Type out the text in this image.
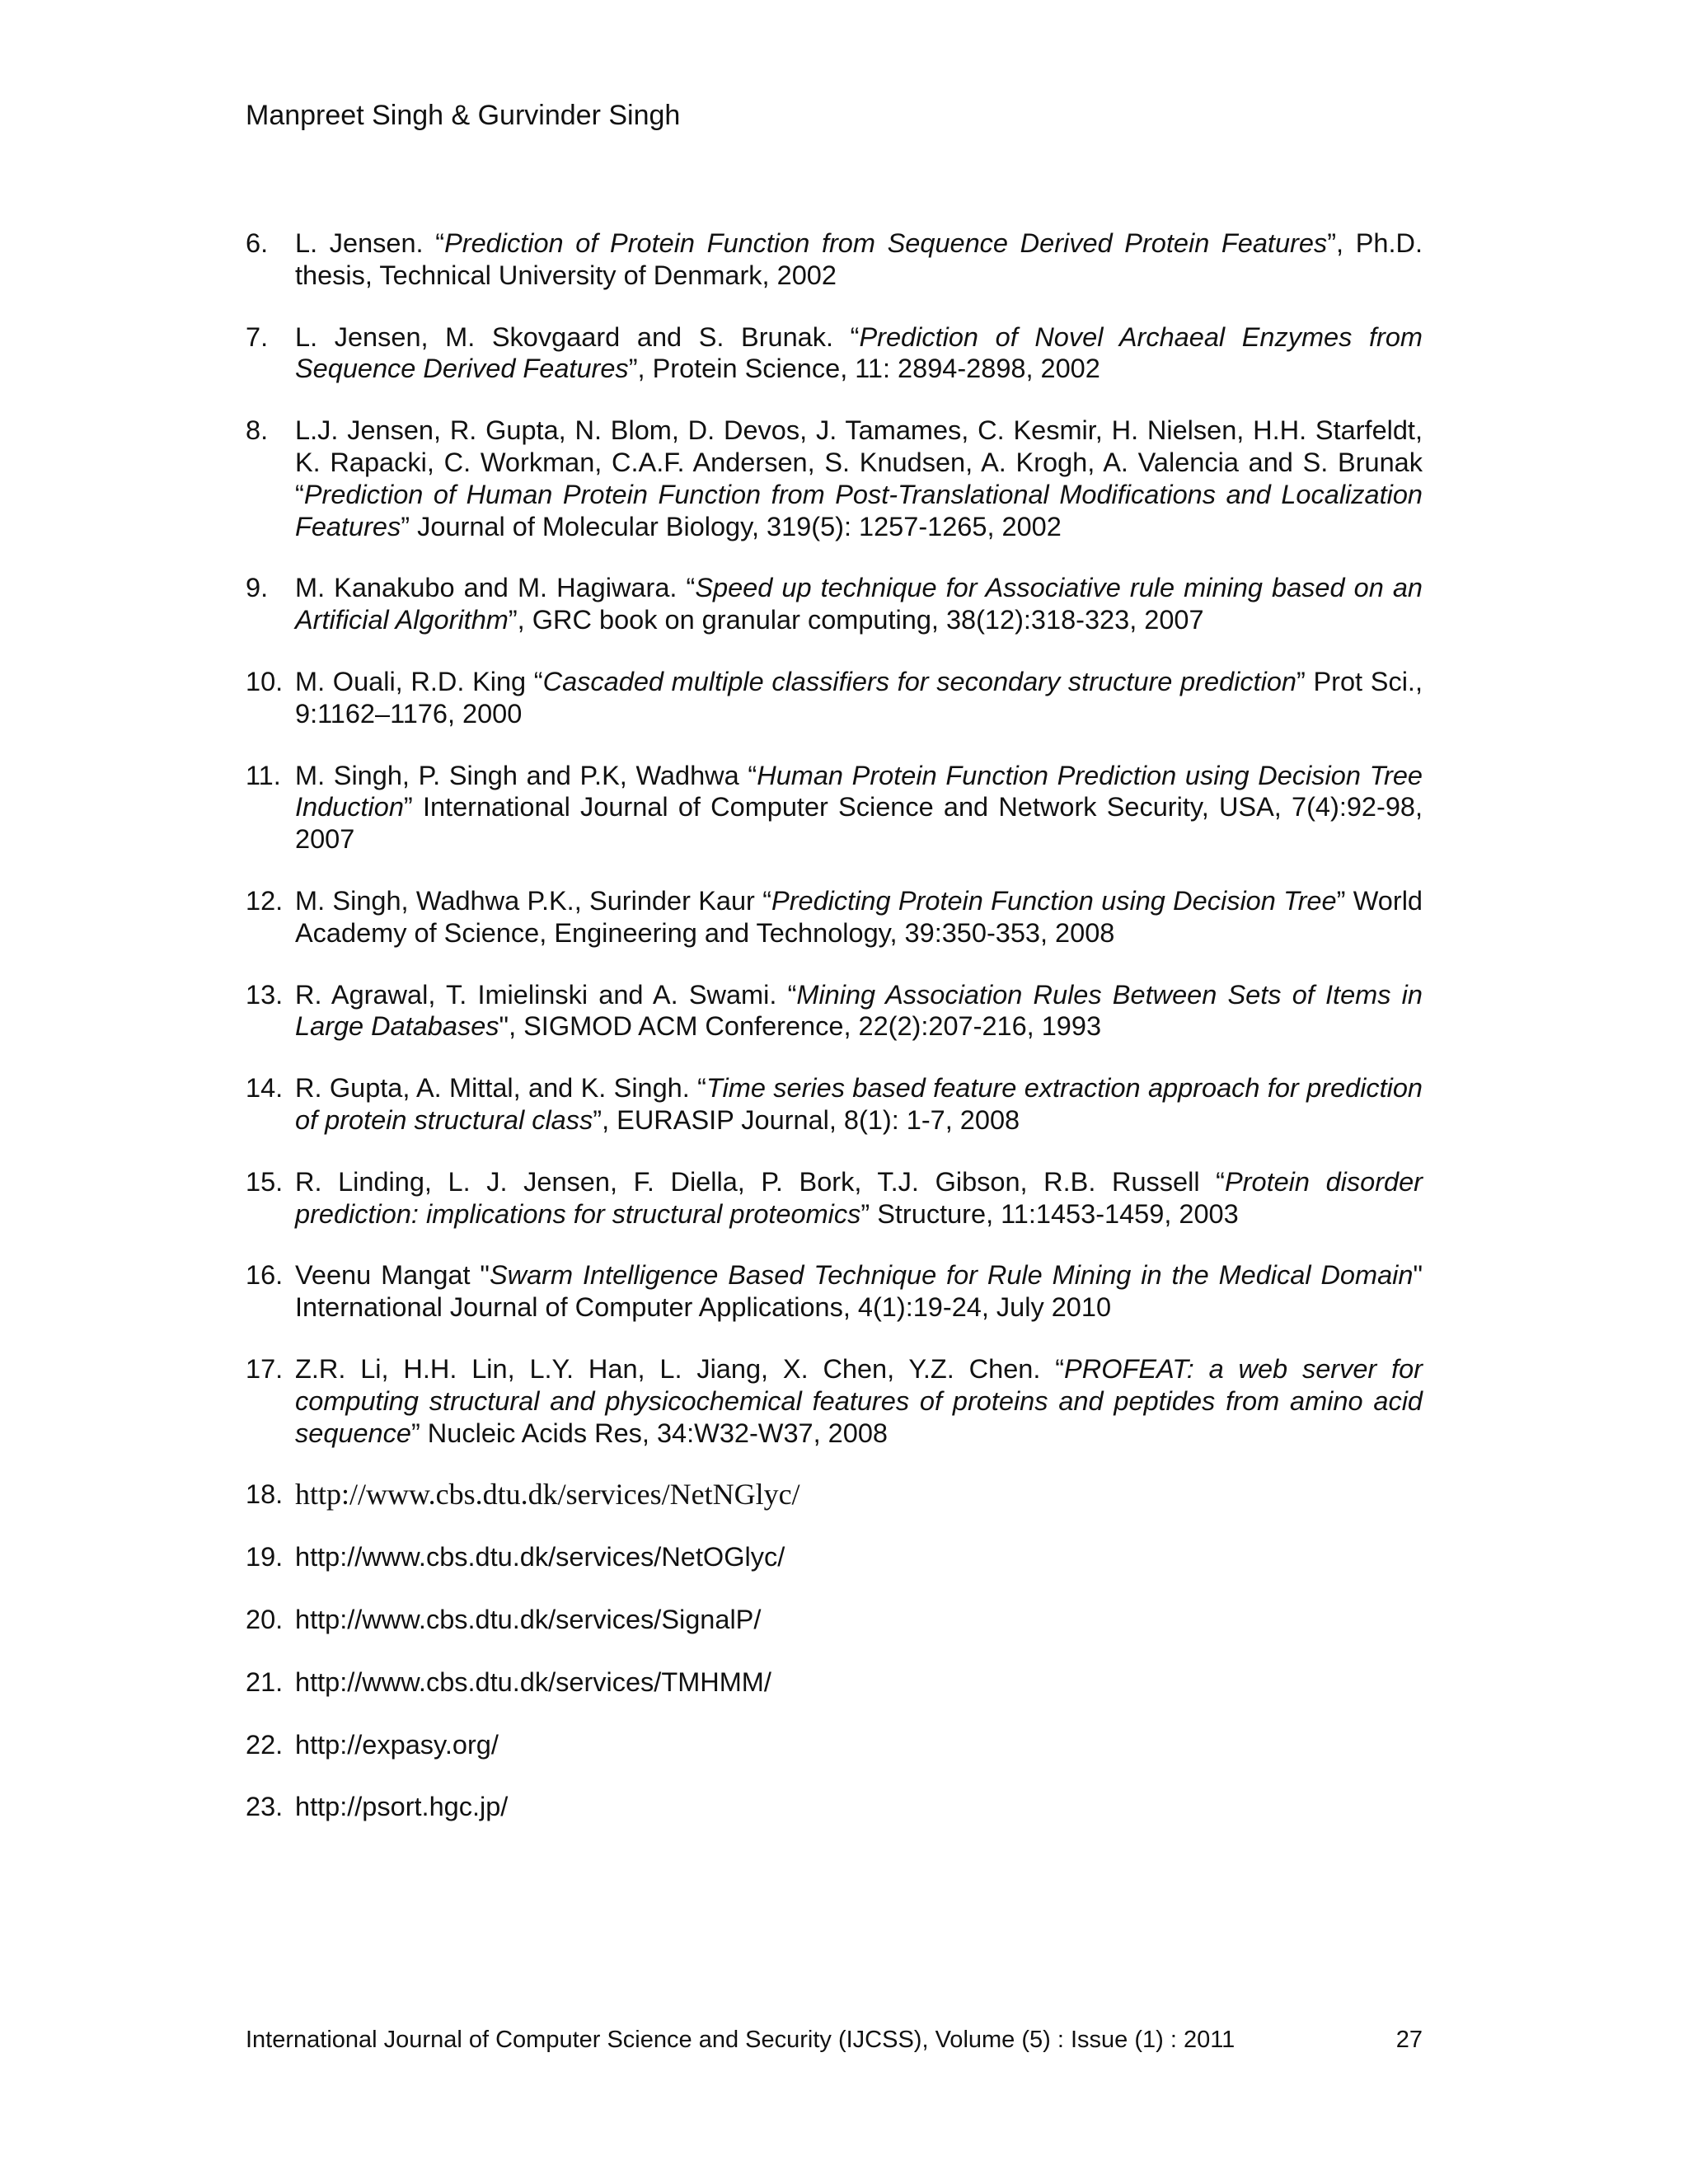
Manpreet Singh & Gurvinder Singh
6.	L. Jensen. “Prediction of Protein Function from Sequence Derived Protein Features”, Ph.D. thesis, Technical University of Denmark, 2002
7.	L. Jensen, M. Skovgaard and S. Brunak. “Prediction of Novel Archaeal Enzymes from Sequence Derived Features”, Protein Science, 11: 2894-2898, 2002
8.	L.J. Jensen, R. Gupta, N. Blom, D. Devos, J. Tamames, C. Kesmir, H. Nielsen, H.H. Starfeldt, K. Rapacki, C. Workman, C.A.F. Andersen, S. Knudsen, A. Krogh, A. Valencia and S. Brunak “Prediction of Human Protein Function from Post-Translational Modifications and Localization Features” Journal of Molecular Biology, 319(5): 1257-1265, 2002
9.	M. Kanakubo and M. Hagiwara. “Speed up technique for Associative rule mining based on an Artificial Algorithm”, GRC book on granular computing, 38(12):318-323, 2007
10. M. Ouali, R.D. King “Cascaded multiple classifiers for secondary structure prediction” Prot Sci., 9:1162–1176, 2000
11. M. Singh, P. Singh and P.K, Wadhwa “Human Protein Function Prediction using Decision Tree Induction” International Journal of Computer Science and Network Security, USA, 7(4):92-98, 2007
12. M. Singh, Wadhwa P.K., Surinder Kaur “Predicting Protein Function using Decision Tree” World Academy of Science, Engineering and Technology, 39:350-353, 2008
13. R. Agrawal, T. Imielinski and A. Swami. “Mining Association Rules Between Sets of Items in Large Databases", SIGMOD ACM Conference, 22(2):207-216, 1993
14. R. Gupta, A. Mittal, and K. Singh. “Time series based feature extraction approach for prediction of protein structural class”, EURASIP Journal, 8(1): 1-7, 2008
15. R. Linding, L. J. Jensen, F. Diella, P. Bork, T.J. Gibson, R.B. Russell “Protein disorder prediction: implications for structural proteomics” Structure, 11:1453-1459, 2003
16. Veenu Mangat "Swarm Intelligence Based Technique for Rule Mining in the Medical Domain" International Journal of Computer Applications, 4(1):19-24, July 2010
17. Z.R. Li, H.H. Lin, L.Y. Han, L. Jiang, X. Chen, Y.Z. Chen. “PROFEAT: a web server for computing structural and physicochemical features of proteins and peptides from amino acid sequence” Nucleic Acids Res, 34:W32-W37, 2008
18. http://www.cbs.dtu.dk/services/NetNGlyc/
19. http://www.cbs.dtu.dk/services/NetOGlyc/
20. http://www.cbs.dtu.dk/services/SignalP/
21. http://www.cbs.dtu.dk/services/TMHMM/
22. http://expasy.org/
23. http://psort.hgc.jp/
International Journal of Computer Science and Security (IJCSS), Volume (5) : Issue (1) : 2011	27
